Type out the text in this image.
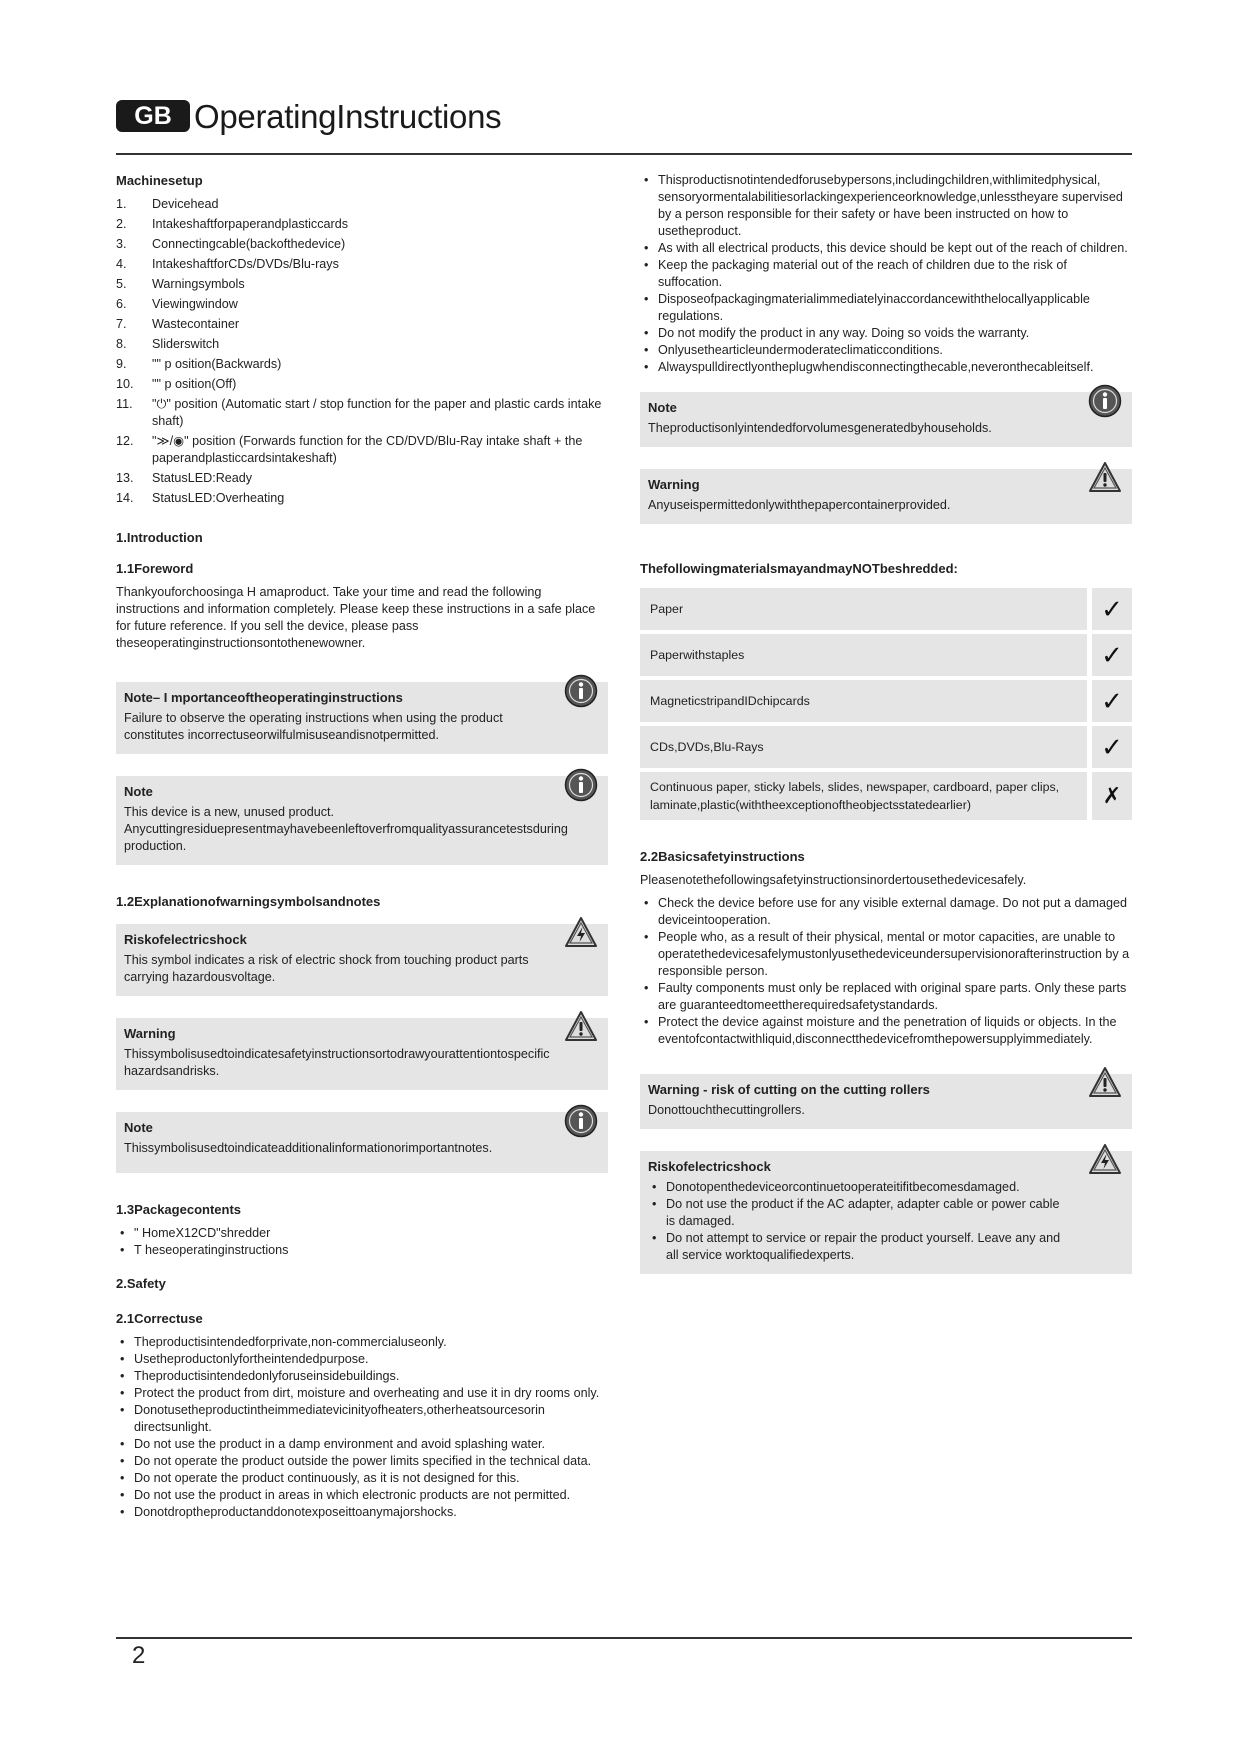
GB OperatingInstructions
Machinesetup
1.	Devicehead
2.	Intakeshaftforpaperandplasticcards
3.	Connectingcable(backofthedevice)
4.	IntakeshaftforCDs/DVDs/Blu-rays
5.	Warningsymbols
6.	Viewingwindow
7.	Wastecontainer
8.	Sliderswitch
9.	"" p osition(Backwards)
10.	"" p osition(Off)
11.	"⏻" position (Automatic start / stop function for the paper and plastic cards intake shaft)
12.	"≫/◉" position (Forwards function for the CD/DVD/Blu-Ray intake shaft + the paperandplasticcardsintakeshaft)
13.	StatusLED:Ready
14.	StatusLED:Overheating
1.Introduction
1.1Foreword

Thankyouforchoosinga H amaproduct. Take your time and read the following instructions and information completely. Please keep these instructions in a safe place for future reference. If you sell the device, please pass theseoperatinginstructionsontothenewowner.

Note– I mportanceoftheoperatinginstructions

Failure to observe the operating instructions when using the product constitutes incorrectuseorwilfulmisuseandisnotpermitted.

Note

This device is a new, unused product. Anycuttingresiduepresentmayhavebeenleftoverfromqualityassurancetestsduring production.

1.2Explanationofwarningsymbolsandnotes
Riskofelectricshock

This symbol indicates a risk of electric shock from touching product parts carrying hazardousvoltage.

Warning

Thissymbolisusedtoindicatesafetyinstructionsortodrawyourattentiontospecific hazardsandrisks.

Note

Thissymbolisusedtoindicateadditionalinformationorimportantnotes.

1.3Packagecontents
• " HomeX12CD"shredder
• T heseoperatinginstructions
2.Safety
2.1Correctuse
• Theproductisintendedforprivate,non-commercialuseonly.
• Usetheproductonlyfortheintendedpurpose.
• Theproductisintendedonlyforuseinsidebuildings.
• Protect the product from dirt, moisture and overheating and use it in dry rooms only.
• Donotusetheproductintheimmediatevicinityofheaters,otherheatsourcesorin directsunlight.
• Do not use the product in a damp environment and avoid splashing water.
• Do not operate the product outside the power limits specified in the technical data.
• Do not operate the product continuously, as it is not designed for this.
• Do not use the product in areas in which electronic products are not permitted.
• Donotdroptheproductanddonotexposeittoanymajorshocks.
• Thisproductisnotintendedforusebypersons,includingchildren,withlimitedphysical, sensoryormentalabilitiesorlackingexperienceorknowledge,unlesstheyare supervised by a person responsible for their safety or have been instructed on how to usetheproduct.
• As with all electrical products, this device should be kept out of the reach of children.
• Keep the packaging material out of the reach of children due to the risk of suffocation.
• Disposeofpackagingmaterialimmediatelyinaccordancewiththelocallyapplicable regulations.
• Do not modify the product in any way. Doing so voids the warranty.
• Onlyusethearticleundermoderateclimaticconditions.
• Alwayspulldirectlyontheplugwhendisconnectingthecable,neveronthecableitself.
Note

Theproductisonlyintendedforvolumesgeneratedbyhouseholds.

Warning

Anyuseispermittedonlywiththepapercontainerprovided.

ThefollowingmaterialsmayandmayNOTbeshredded:
Paper	✓
Paperwithstaples	✓
MagneticstripandIDchipcards	✓
CDs,DVDs,Blu-Rays	✓
Continuous paper, sticky labels, slides, newspaper, cardboard, paper clips, laminate,plastic(withtheexceptionoftheobjectsstatedearlier)	✗
2.2Basicsafetyinstructions

Pleasenotethefollowingsafetyinstructionsinordertousethedevicesafely.

• Check the device before use for any visible external damage. Do not put a damaged deviceintooperation.
• People who, as a result of their physical, mental or motor capacities, are unable to operatethedevicesafelymustonlyusethedeviceundersupervisionorafterinstruction by a responsible person.
• Faulty components must only be replaced with original spare parts. Only these parts are guaranteedtomeettherequiredsafetystandards.
• Protect the device against moisture and the penetration of liquids or objects. In the eventofcontactwithliquid,disconnectthedevicefromthepowersupplyimmediately.
Warning - risk of cutting on the cutting rollers

Donottouchthecuttingrollers.

Riskofelectricshock
• Donotopenthedeviceorcontinuetooperateitifitbecomesdamaged.
• Do not use the product if the AC adapter, adapter cable or power cable is damaged.
• Do not attempt to service or repair the product yourself. Leave any and all service worktoqualifiedexperts.
2
